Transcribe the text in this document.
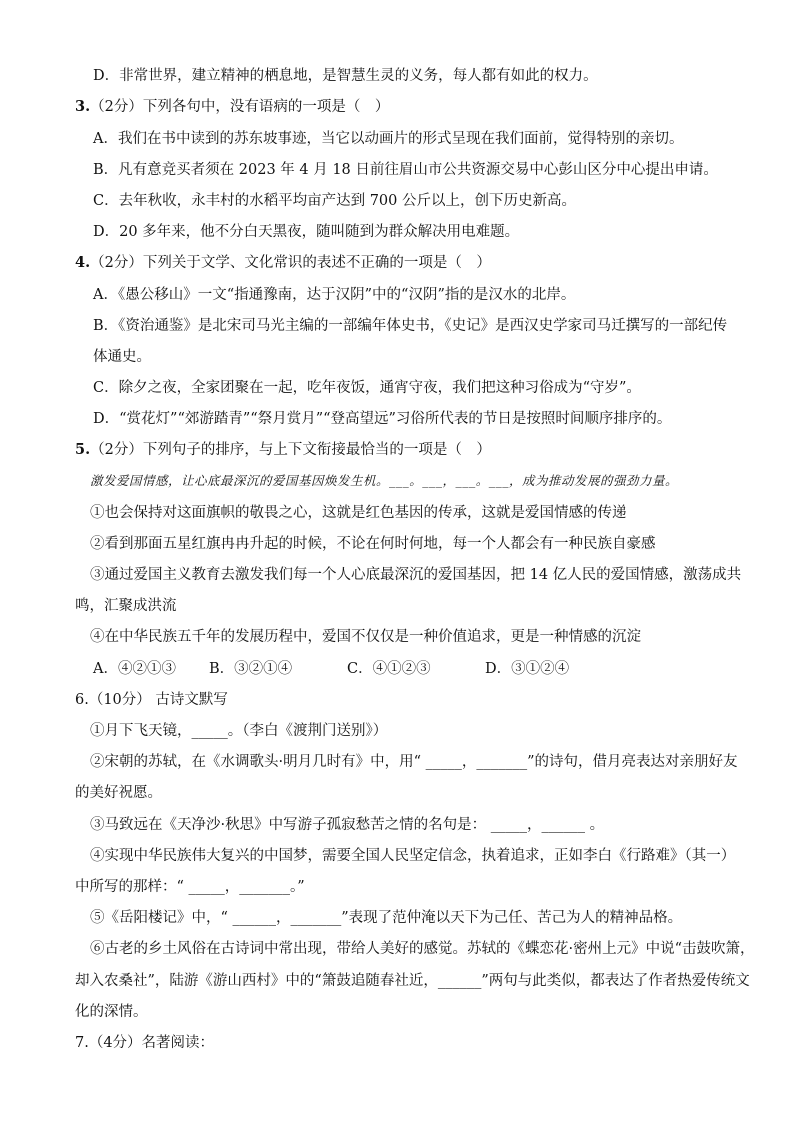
D．非常世界，建立精神的栖息地，是智慧生灵的义务，每人都有如此的权力。
3.（2分）下列各句中，没有语病的一项是（　）
A．我们在书中读到的苏东坡事迹，当它以动画片的形式呈现在我们面前，觉得特别的亲切。
B．凡有意竞买者须在 2023 年 4 月 18 日前往眉山市公共资源交易中心彭山区分中心提出申请。
C．去年秋收，永丰村的水稻平均亩产达到 700 公斤以上，创下历史新高。
D．20 多年来，他不分白天黑夜，随叫随到为群众解决用电难题。
4.（2分）下列关于文学、文化常识的表述不正确的一项是（　）
A．《愚公移山》一文“指通豫南，达于汉阴”中的“汉阴”指的是汉水的北岸。
B．《资治通鉴》是北宋司马光主编的一部编年体史书，《史记》是西汉史学家司马迁撰写的一部纪传
体通史。
C．除夕之夜，全家团聚在一起，吃年夜饭，通宵守夜，我们把这种习俗成为“守岁”。
D．“赏花灯”“郊游踏青”“祭月赏月”“登高望远”习俗所代表的节日是按照时间顺序排序的。
5.（2分）下列句子的排序，与上下文衔接最恰当的一项是（　）
激发爱国情感，让心底最深沉的爱国基因焕发生机。___。___，___。___，成为推动发展的强劲力量。
①也会保持对这面旗帜的敬畏之心，这就是红色基因的传承，这就是爱国情感的传递
②看到那面五星红旗冉冉升起的时候，不论在何时何地，每一个人都会有一种民族自豪感
③通过爱国主义教育去激发我们每一个人心底最深沉的爱国基因，把 14 亿人民的爱国情感，激荡成共
鸣，汇聚成洪流
④在中华民族五千年的发展历程中，爱国不仅仅是一种价值追求，更是一种情感的沉淀
A．④②①③ B．③②①④	C．④①②③	D．③①②④
6.（10分） 古诗文默写
①月下飞天镜，_____。（李白《渡荆门送别》）
②宋朝的苏轼，在《水调歌头·明月几时有》中，用“ _____，_______”的诗句，借月亮表达对亲朋好友
的美好祝愿。
③马致远在《天净沙·秋思》中写游子孤寂愁苦之情的名句是： _____，______ 。
④实现中华民族伟大复兴的中国梦，需要全国人民坚定信念，执着追求，正如李白《行路难》（其一）
中所写的那样：“ _____，_______。”
⑤《岳阳楼记》中，“ ______，_______”表现了范仲淹以天下为己任、苦己为人的精神品格。
⑥古老的乡土风俗在古诗词中常出现，带给人美好的感觉。苏轼的《蝶恋花·密州上元》中说“击鼓吹箫，
却入农桑社”，陆游《游山西村》中的“箫鼓追随春社近，______”两句与此类似，都表达了作者热爱传统文
化的深情。
7.（4分）名著阅读：
